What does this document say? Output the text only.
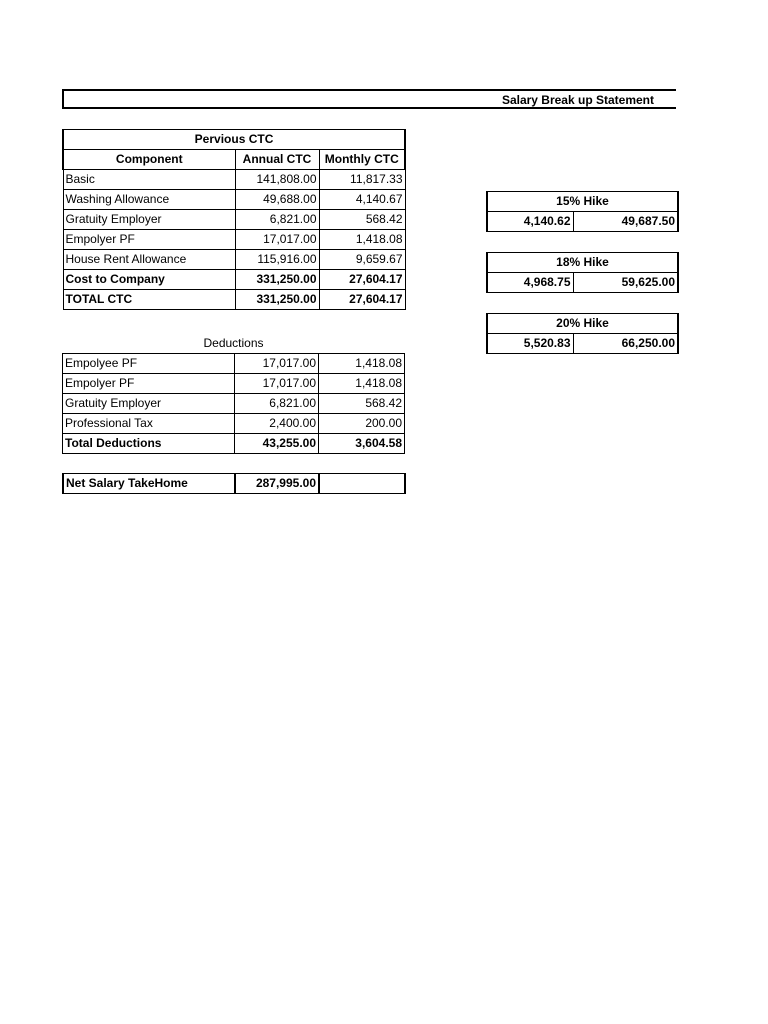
Salary Break up Statement
Pervious CTC		
Component	Annual CTC	Monthly CTC
Basic	141,808.00	11,817.33
Washing Allowance	49,688.00	4,140.67
Gratuity Employer	6,821.00	568.42
Empolyer PF	17,017.00	1,418.08
House Rent Allowance	115,916.00	9,659.67
Cost to Company	331,250.00	27,604.17
TOTAL CTC	331,250.00	27,604.17
Deductions		
Empolyee PF	17,017.00	1,418.08
Empolyer PF	17,017.00	1,418.08
Gratuity Employer	6,821.00	568.42
Professional Tax	2,400.00	200.00
Total Deductions	43,255.00	3,604.58
Net Salary TakeHome	287,995.00	
15% Hike
4,140.62	49,687.50
18% Hike
4,968.75	59,625.00
20% Hike
5,520.83	66,250.00
